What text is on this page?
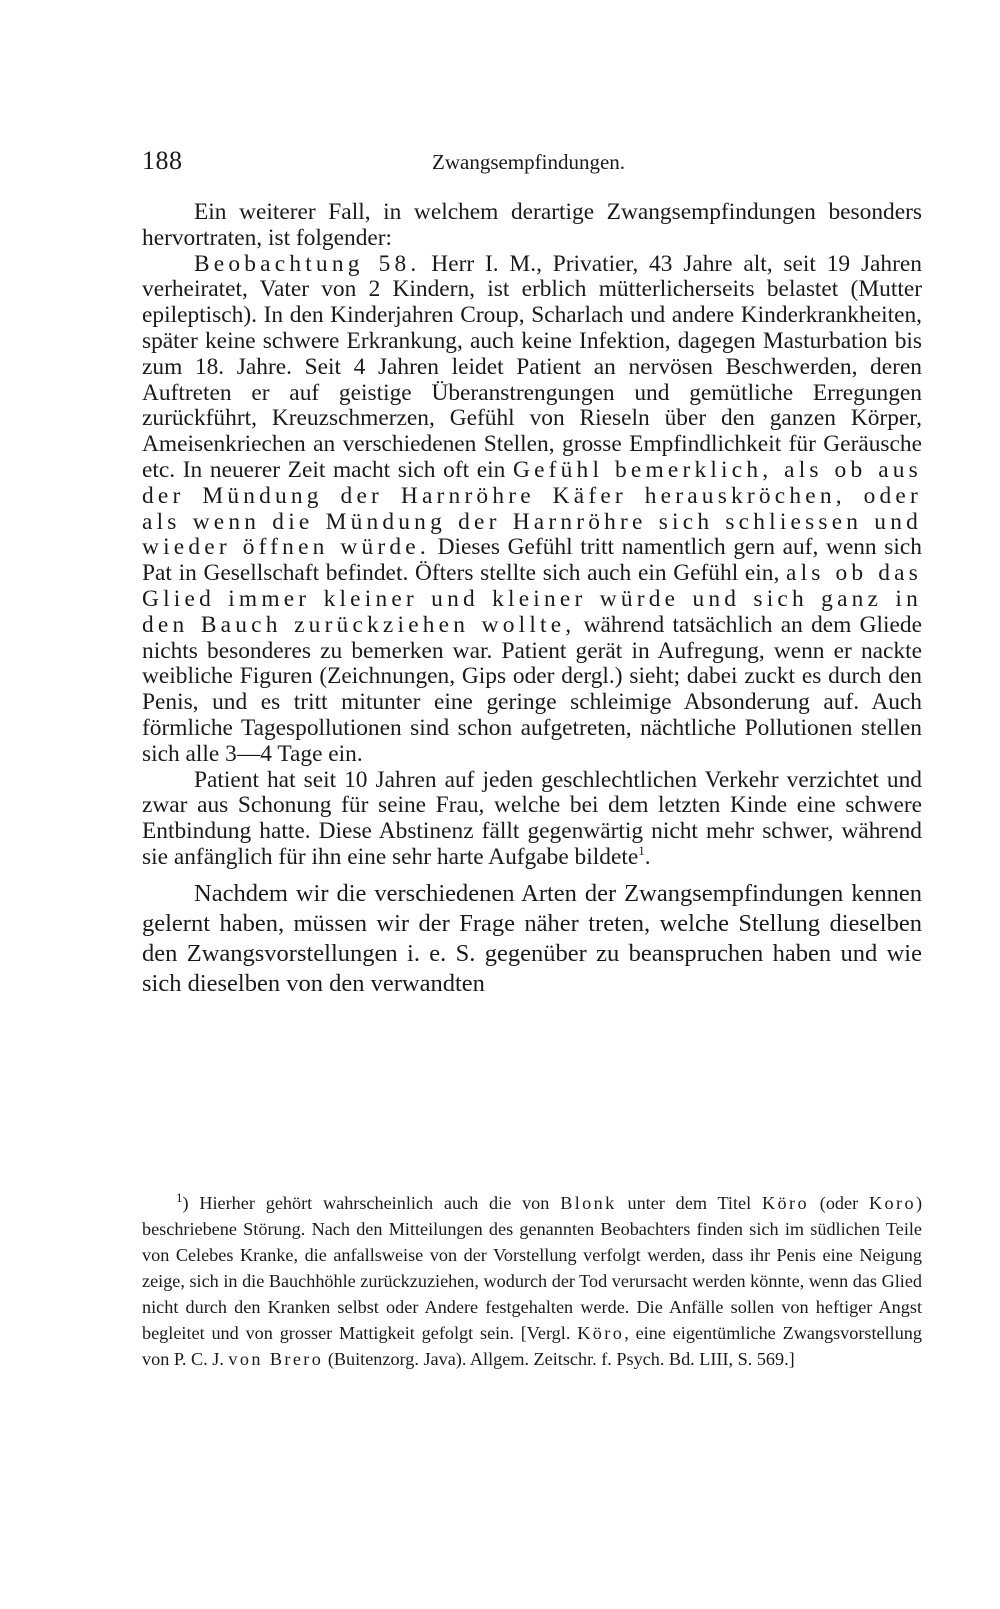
188	Zwangsempfindungen.

Ein weiterer Fall, in welchem derartige Zwangsempfindungen besonders hervortraten, ist folgender:

Beobachtung 58. Herr I. M., Privatier, 43 Jahre alt, seit 19 Jahren verheiratet, Vater von 2 Kindern, ist erblich mütterlicherseits belastet (Mutter epileptisch). In den Kinderjahren Croup, Scharlach und andere Kinderkrankheiten, später keine schwere Erkrankung, auch keine Infektion, dagegen Masturbation bis zum 18. Jahre. Seit 4 Jahren leidet Patient an nervösen Beschwerden, deren Auftreten er auf geistige Überanstrengungen und gemütliche Erregungen zurückführt, Kreuzschmerzen, Gefühl von Rieseln über den ganzen Körper, Ameisenkriechen an verschiedenen Stellen, grosse Empfindlichkeit für Geräusche etc. In neuerer Zeit macht sich oft ein Gefühl bemerklich, als ob aus der Mündung der Harnröhre Käfer herauskröchen, oder als wenn die Mündung der Harnröhre sich schliessen und wieder öffnen würde. Dieses Gefühl tritt namentlich gern auf, wenn sich Pat in Gesellschaft befindet. Öfters stellte sich auch ein Gefühl ein, als ob das Glied immer kleiner und kleiner würde und sich ganz in den Bauch zurückziehen wollte, während tatsächlich an dem Gliede nichts besonderes zu bemerken war. Patient gerät in Aufregung, wenn er nackte weibliche Figuren (Zeichnungen, Gips oder dergl.) sieht; dabei zuckt es durch den Penis, und es tritt mitunter eine geringe schleimige Absonderung auf. Auch förmliche Tagespollutionen sind schon aufgetreten, nächtliche Pollutionen stellen sich alle 3—4 Tage ein.

Patient hat seit 10 Jahren auf jeden geschlechtlichen Verkehr verzichtet und zwar aus Schonung für seine Frau, welche bei dem letzten Kinde eine schwere Entbindung hatte. Diese Abstinenz fällt gegenwärtig nicht mehr schwer, während sie anfänglich für ihn eine sehr harte Aufgabe bildete$^1$.

Nachdem wir die verschiedenen Arten der Zwangsempfindungen kennen gelernt haben, müssen wir der Frage näher treten, welche Stellung dieselben den Zwangsvorstellungen i. e. S. gegenüber zu beanspruchen haben und wie sich dieselben von den verwandten

$^1$) Hierher gehört wahrscheinlich auch die von Blonk unter dem Titel Köro (oder Koro) beschriebene Störung. Nach den Mitteilungen des genannten Beobachters finden sich im südlichen Teile von Celebes Kranke, die anfallsweise von der Vorstellung verfolgt werden, dass ihr Penis eine Neigung zeige, sich in die Bauchhöhle zurückzuziehen, wodurch der Tod verursacht werden könnte, wenn das Glied nicht durch den Kranken selbst oder Andere festgehalten werde. Die Anfälle sollen von heftiger Angst begleitet und von grosser Mattigkeit gefolgt sein. [Vergl. Köro, eine eigentümliche Zwangsvorstellung von P. C. J. von Brero (Buitenzorg. Java). Allgem. Zeitschr. f. Psych. Bd. LIII, S. 569.]
